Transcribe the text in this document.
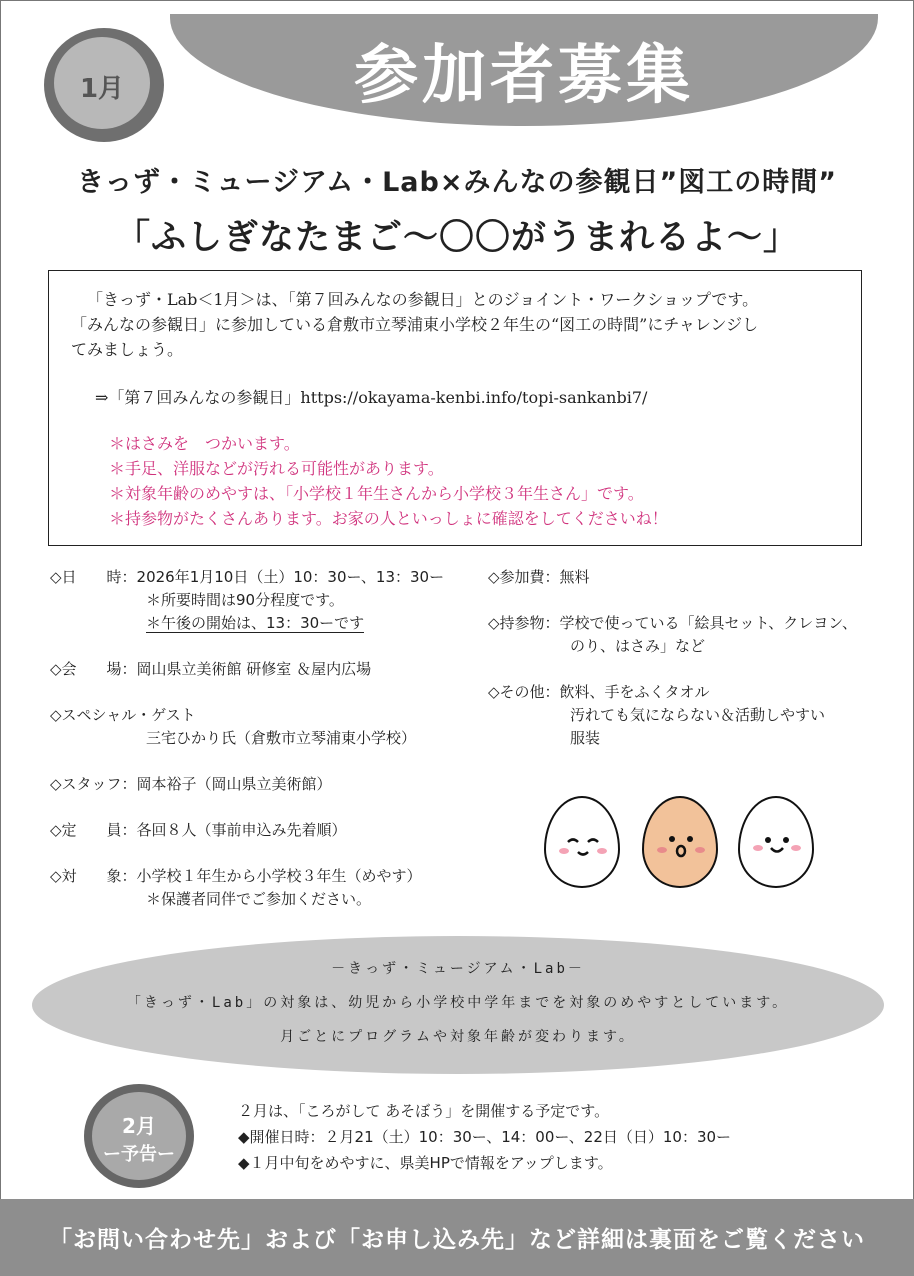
参加者募集
1月
きっず・ミュージアム・Lab×みんなの参観日”図工の時間”
「ふしぎなたまご～〇〇がうまれるよ～」
「きっず・Lab＜1月＞は、「第７回みんなの参観日」とのジョイント・ワークショップです。
「みんなの参観日」に参加している倉敷市立琴浦東小学校２年生の“図工の時間”にチャレンジし
てみましょう。
⇒「第７回みんなの参観日」https://okayama-kenbi.info/topi-sankanbi7/
＊はさみを　つかいます。
＊手足、洋服などが汚れる可能性があります。
＊対象年齢のめやすは、「小学校１年生さんから小学校３年生さん」です。
＊持参物がたくさんあります。お家の人といっしょに確認をしてくださいね！
◇日　　時：2026年1月10日（土）10：30ー、13：30ー
＊所要時間は90分程度です。
＊午後の開始は、13：30ーです
◇会　　場：岡山県立美術館 研修室 ＆屋内広場
◇スペシャル・ゲスト
三宅ひかり氏（倉敷市立琴浦東小学校）
◇スタッフ：岡本裕子（岡山県立美術館）
◇定　　員：各回８人（事前申込み先着順）
◇対　　象：小学校１年生から小学校３年生（めやす）
＊保護者同伴でご参加ください。
◇参加費：無料
◇持参物：学校で使っている「絵具セット、クレヨン、
のり、はさみ」など
◇その他：飲料、手をふくタオル
汚れても気にならない＆活動しやすい
服装
－きっず・ミュージアム・Lab－
「きっず・Lab」の対象は、幼児から小学校中学年までを対象のめやすとしています。
月ごとにプログラムや対象年齢が変わります。
2月
ー予告ー
２月は、「ころがして あそぼう」を開催する予定です。
◆開催日時：２月21（土）10：30ー、14：00ー、22日（日）10：30ー
◆１月中旬をめやすに、県美HPで情報をアップします。
「お問い合わせ先」および「お申し込み先」など詳細は裏面をご覧ください
